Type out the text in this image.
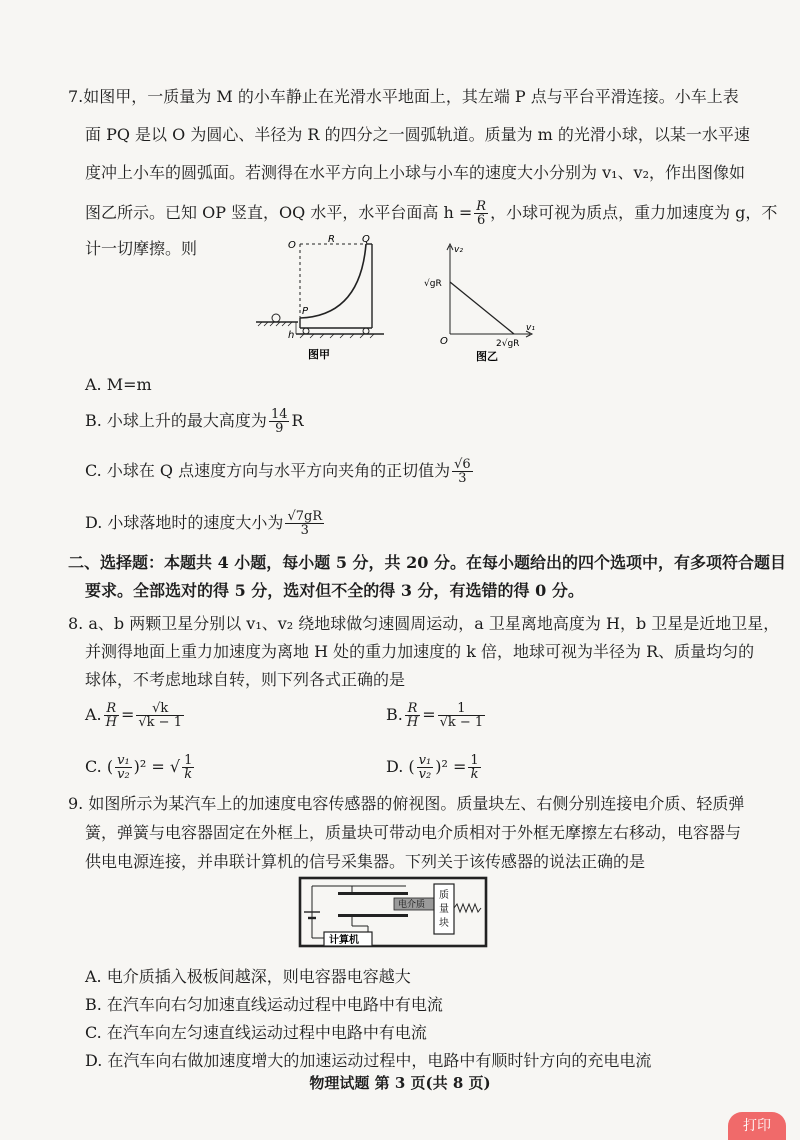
7.如图甲，一质量为 M 的小车静止在光滑水平地面上，其左端 P 点与平台平滑连接。小车上表
面 PQ 是以 O 为圆心、半径为 R 的四分之一圆弧轨道。质量为 m 的光滑小球，以某一水平速
度冲上小车的圆弧面。若测得在水平方向上小球与小车的速度大小分别为 v₁、v₂，作出图像如
图乙所示。已知 OP 竖直，OQ 水平，水平台面高 $h = \frac{R}{6}$ ，小球可视为质点，重力加速度为 g，不
计一切摩擦。则	O
R	Q
P
h
图甲
v₂
√gR
O	2√gR
v₁
图乙
A. M=m
B. 小球上升的最大高度为 $\frac{14}{9}$ R
C. 小球在 Q 点速度方向与水平方向夹角的正切值为 $\frac{√6}{3}$
D. 小球落地时的速度大小为 $\frac{√7gR}{3}$
二、选择题：本题共 4 小题，每小题 5 分，共 20 分。在每小题给出的四个选项中，有多项符合题目
要求。全部选对的得 5 分，选对但不全的得 3 分，有选错的得 0 分。
8. a、b 两颗卫星分别以 v₁、v₂ 绕地球做匀速圆周运动，a 卫星离地高度为 H，b 卫星是近地卫星，
并测得地面上重力加速度为离地 H 处的重力加速度的 k 倍，地球可视为半径为 R、质量均匀的
球体，不考虑地球自转，则下列各式正确的是
A. $\frac{R}{H} = \frac{√k}{√k - 1}$	B. $\frac{R}{H} = \frac{1}{√k - 1}$
C. ( $\frac{\text{v₁}}{\text{v₂}} )^2$ = √ $\frac{1}{k}$	D. ( $\frac{\text{v₁}}{\text{v₂}} )^2 = \frac{1}{k}$
9. 如图所示为某汽车上的加速度电容传感器的俯视图。质量块左、右侧分别连接电介质、轻质弹
簧，弹簧与电容器固定在外框上，质量块可带动电介质相对于外框无摩擦左右移动，电容器与
供电电源连接，并串联计算机的信号采集器。下列关于该传感器的说法正确的是
电介质
质
量
块
计算机
A. 电介质插入极板间越深，则电容器电容越大
B. 在汽车向右匀加速直线运动过程中电路中有电流
C. 在汽车向左匀速直线运动过程中电路中有电流
D. 在汽车向右做加速度增大的加速运动过程中，电路中有顺时针方向的充电电流
物理试题 第 3 页(共 8 页)
打印
